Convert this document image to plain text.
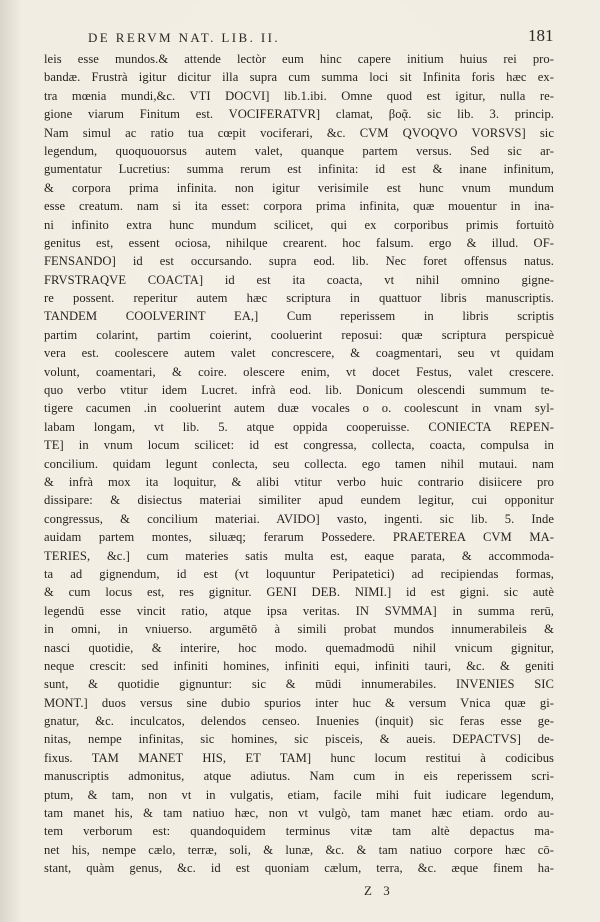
DE RERVM NAT. LIB. II.	181
leis esse mundos.& attende lectòr eum hinc capere initium huius rei pro-
bandæ. Frustrà igitur dicitur illa supra cum summa loci sit Infinita foris hæc ex-
tra mœnia mundi,&c. VTI DOCVI] lib.1.ibi. Omne quod est igitur, nulla re-
gione viarum Finitum est. VOCIFERATVR] clamat, βοᾷ. sic lib. 3. princip.
Nam simul ac ratio tua cœpit vociferari, &c. CVM QVOQVO VORSVS] sic
legendum, quoquouorsus autem valet, quanque partem versus. Sed sic ar-
gumentatur Lucretius: summa rerum est infinita: id est & inane infinitum,
& corpora prima infinita. non igitur verisimile est hunc vnum mundum
esse creatum. nam si ita esset: corpora prima infinita, quæ mouentur in ina-
ni infinito extra hunc mundum scilicet, qui ex corporibus primis fortuitò
genitus est, essent ociosa, nihilque crearent. hoc falsum. ergo & illud. OF-
FENSANDO] id est occursando. supra eod. lib. Nec foret offensus natus.
FRVSTRAQVE COACTA] id est ita coacta, vt nihil omnino gigne-
re possent. reperitur autem hæc scriptura in quattuor libris manuscriptis.
TANDEM COOLVERINT EA,] Cum reperissem in libris scriptis
partim colarint, partim coierint, cooluerint reposui: quæ scriptura perspicuè
vera est. coolescere autem valet concrescere, & coagmentari, seu vt quidam
volunt, coamentari, & coire. olescere enim, vt docet Festus, valet crescere.
quo verbo vtitur idem Lucret. infrà eod. lib. Donicum olescendi summum te-
tigere cacumen .in cooluerint autem duæ vocales o o. coolescunt in vnam syl-
labam longam, vt lib. 5. atque oppida cooperuisse. CONIECTA REPEN-
TE] in vnum locum scilicet: id est congressa, collecta, coacta, compulsa in
concilium. quidam legunt conlecta, seu collecta. ego tamen nihil mutaui. nam
& infrà mox ita loquitur, & alibi vtitur verbo huic contrario disiicere pro
dissipare: & disiectus materiai similiter apud eundem legitur, cui opponitur
congressus, & concilium materiai. AVIDO] vasto, ingenti. sic lib. 5. Inde
auidam partem montes, siluæq; ferarum Possedere. PRAETEREA CVM MA-
TERIES, &c.] cum materies satis multa est, eaque parata, & accommoda-
ta ad gignendum, id est (vt loquuntur Peripatetici) ad recipiendas formas,
& cum locus est, res gignitur. GENI DEB. NIMI.] id est gigni. sic autè
legendū esse vincit ratio, atque ipsa veritas. IN SVMMA] in summa rerū,
in omni, in vniuerso. argumētō à simili probat mundos innumerabileis &
nasci quotidie, & interire, hoc modo. quemadmodū nihil vnicum gignitur,
neque crescit: sed infiniti homines, infiniti equi, infiniti tauri, &c. & geniti
sunt, & quotidie gignuntur: sic & mūdi innumerabiles. INVENIES SIC
MONT.] duos versus sine dubio spurios inter huc & versum Vnica quæ gi-
gnatur, &c. inculcatos, delendos censeo. Inuenies (inquit) sic feras esse ge-
nitas, nempe infinitas, sic homines, sic pisceis, & aueis. DEPACTVS] de-
fixus. TAM MANET HIS, ET TAM] hunc locum restitui à codicibus
manuscriptis admonitus, atque adiutus. Nam cum in eis reperissem scri-
ptum, & tam, non vt in vulgatis, etiam, facile mihi fuit iudicare legendum,
tam manet his, & tam natiuo hæc, non vt vulgò, tam manet hæc etiam. ordo au-
tem verborum est: quandoquidem terminus vitæ tam altè depactus ma-
net his, nempe cælo, terræ, soli, & lunæ, &c. & tam natiuo corpore hæc cō-
stant, quàm genus, &c. id est quoniam cælum, terra, &c. æque finem ha-
Z 3
